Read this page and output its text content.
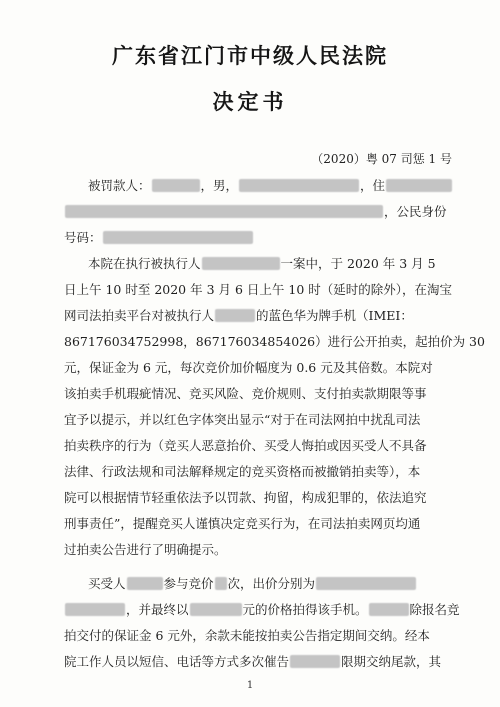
广东省江门市中级人民法院
决定书
（2020）粤 07 司惩 1 号
被罚款人：	，男，	，住
，公民身份
号码：
本院在执行被执行人	一案中，于 2020 年 3 月 5
日上午 10 时至 2020 年 3 月 6 日上午 10 时（延时的除外），在淘宝
网司法拍卖平台对被执行人	的蓝色华为牌手机（IMEI：
867176034752998，867176034854026）进行公开拍卖，起拍价为 30
元，保证金为 6 元，每次竞价加价幅度为 0.6 元及其倍数。本院对
该拍卖手机瑕疵情况、竞买风险、竞价规则、支付拍卖款期限等事
宜予以提示，并以红色字体突出显示“对于在司法网拍中扰乱司法
拍卖秩序的行为（竞买人恶意抬价、买受人悔拍或因买受人不具备
法律、行政法规和司法解释规定的竞买资格而被撤销拍卖等），本
院可以根据情节轻重依法予以罚款、拘留，构成犯罪的，依法追究
刑事责任”，提醒竞买人谨慎决定竞买行为，在司法拍卖网页均通
过拍卖公告进行了明确提示。
买受人	参与竞价 次，出价分别为
，并最终以	元的价格拍得该手机。	除报名竞
拍交付的保证金 6 元外，余款未能按拍卖公告指定期间交纳。经本
院工作人员以短信、电话等方式多次催告	限期交纳尾款，其
1
